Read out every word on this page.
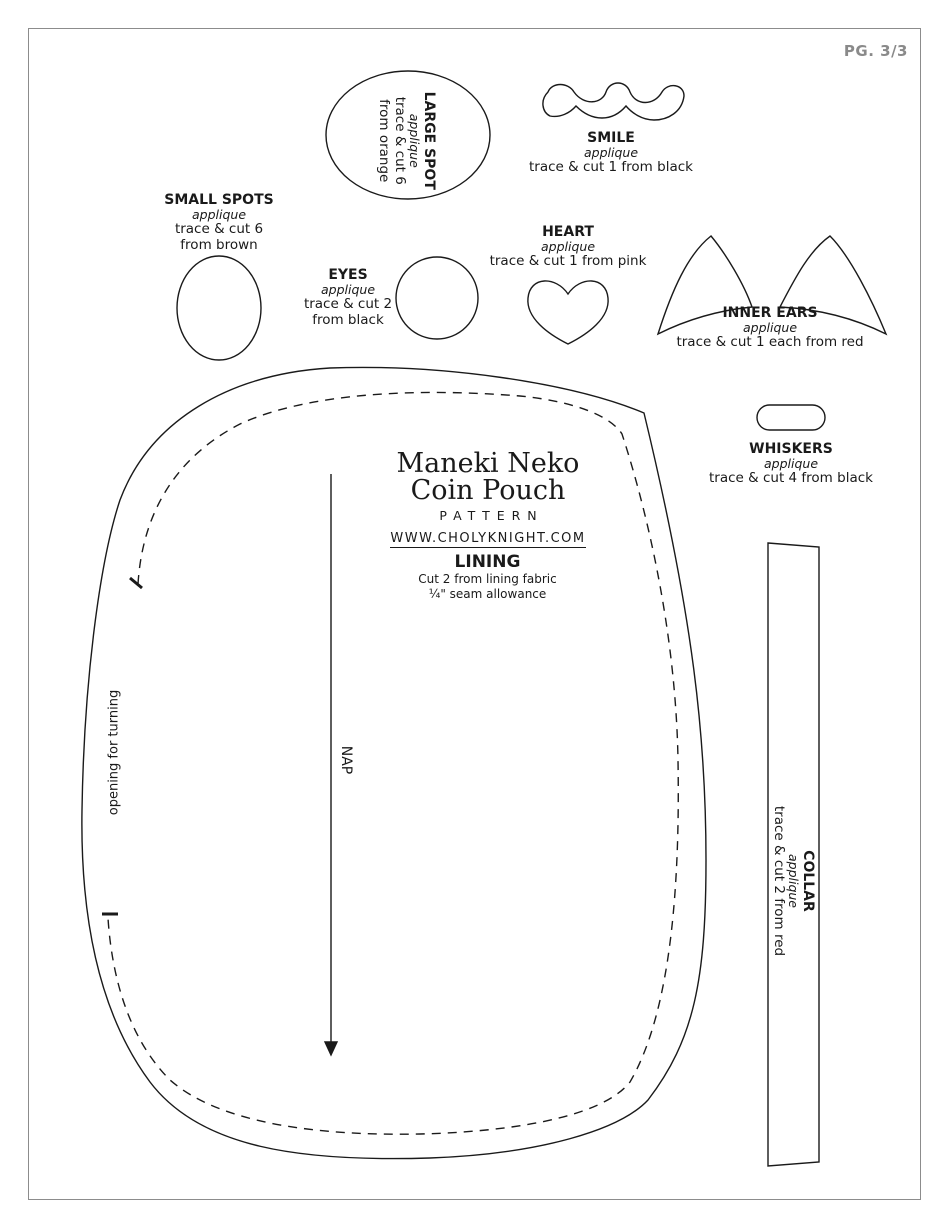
PG. 3/3
LARGE SPOT
applique
trace & cut 6
from orange	SMILE
applique
trace & cut 1 from black
SMALL SPOTS
applique
trace & cut 6
from brown
EYES
applique
trace & cut 2
from black
HEART
applique
trace & cut 1 from pink
INNER EARS
applique
trace & cut 1 each from red
WHISKERS
applique
trace & cut 4 from black
COLLAR
applique
trace & cut 2 from red
Maneki Neko
Coin Pouch
PATTERN
WWW.CHOLYKNIGHT.COM
LINING
Cut 2 from lining fabric
¼" seam allowance
opening for turning	NAP
